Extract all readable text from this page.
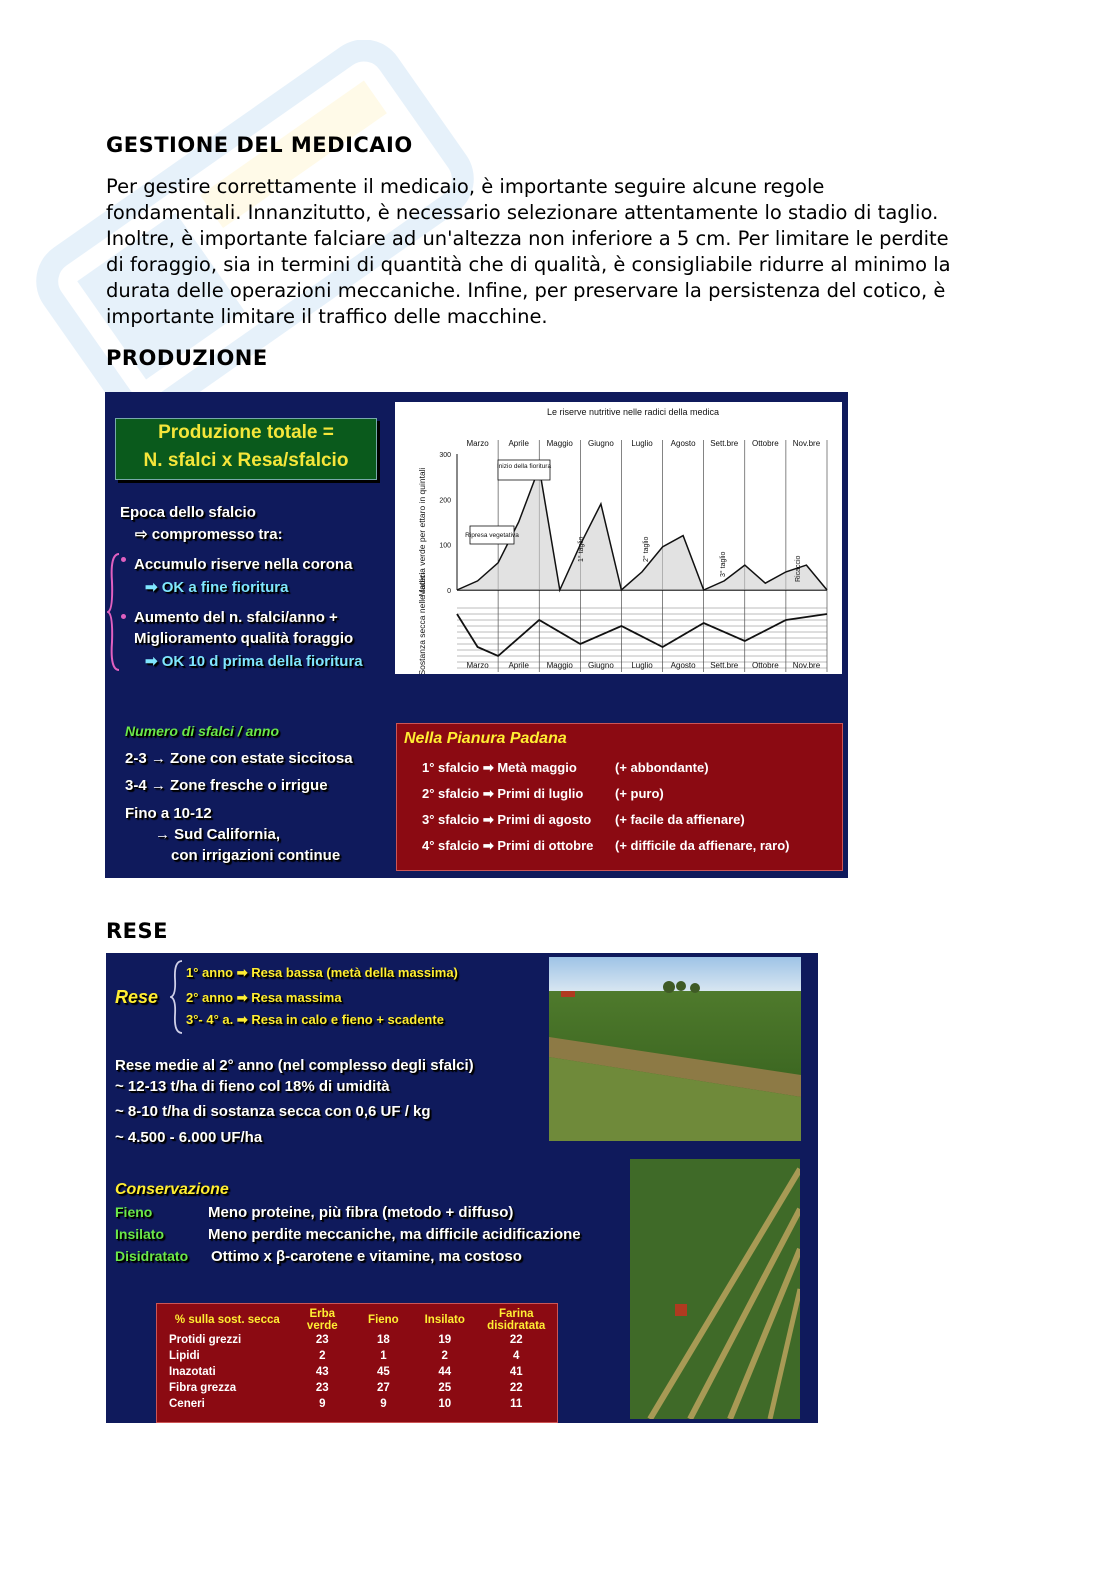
GESTIONE DEL MEDICAIO
Per gestire correttamente il medicaio, è importante seguire alcune regole
fondamentali. Innanzitutto, è necessario selezionare attentamente lo stadio di taglio.
Inoltre, è importante falciare ad un'altezza non inferiore a 5 cm. Per limitare le perdite
di foraggio, sia in termini di quantità che di qualità, è consigliabile ridurre al minimo la
durata delle operazioni meccaniche. Infine, per preservare la persistenza del cotico, è
importante limitare il traffico delle macchine.
PRODUZIONE
Produzione totale =
N. sfalci x Resa/sfalcio
Epoca dello sfalcio
⇨ compromesso tra:
Accumulo riserve nella corona
➡ OK a fine fioritura
Aumento del n. sfalci/anno +
Miglioramento qualità foraggio
➡ OK 10 d prima della fioritura
Numero di sfalci / anno
2-3 → Zone con estate siccitosa
3-4 → Zone fresche o irrigue
Fino a 10-12
→ Sud California,
con irrigazioni continue
Nella Pianura Padana
1° sfalcio ➡ Metà maggio	(+ abbondante)
2° sfalcio ➡ Primi di luglio (+ puro)
3° sfalcio ➡ Primi di agosto (+ facile da affienare)
4° sfalcio ➡ Primi di ottobre (+ difficile da affienare, raro)
Le riserve nutritive nelle radici della medica
Marzo Aprile Maggio Giugno Luglio Agosto Sett.bre Ottobre Nov.bre
Marzo Aprile Maggio Giugno Luglio Agosto Sett.bre Ottobre Nov.bre
300
200
100
0
Materia verde per ettaro in quintali
Sostanza secca nelle radici
Inizio della fioritura
Ripresa vegetativa
1° taglio	2° taglio
3° taglio	Ricaccio
RESE
Rese
1° anno ➡ Resa bassa (metà della massima)
2° anno ➡ Resa massima
3°- 4° a. ➡ Resa in calo e fieno + scadente
Rese medie al 2° anno (nel complesso degli sfalci)
~ 12-13 t/ha di fieno col 18% di umidità
~ 8-10 t/ha di sostanza secca con 0,6 UF / kg
~ 4.500 - 6.000 UF/ha
Conservazione
Fieno	Meno proteine, più fibra (metodo + diffuso)
Insilato	Meno perdite meccaniche, ma difficile acidificazione
Disidratato Ottimo x β-carotene e vitamine, ma costoso
% sulla sost. secca	Erba verde	Fieno	Insilato	Farina disidratata
Protidi grezzi	23	18	19	22
Lipidi	2	1	2	4
Inazotati	43	45	44	41
Fibra grezza	23	27	25	22
Ceneri	9	9	10	11
